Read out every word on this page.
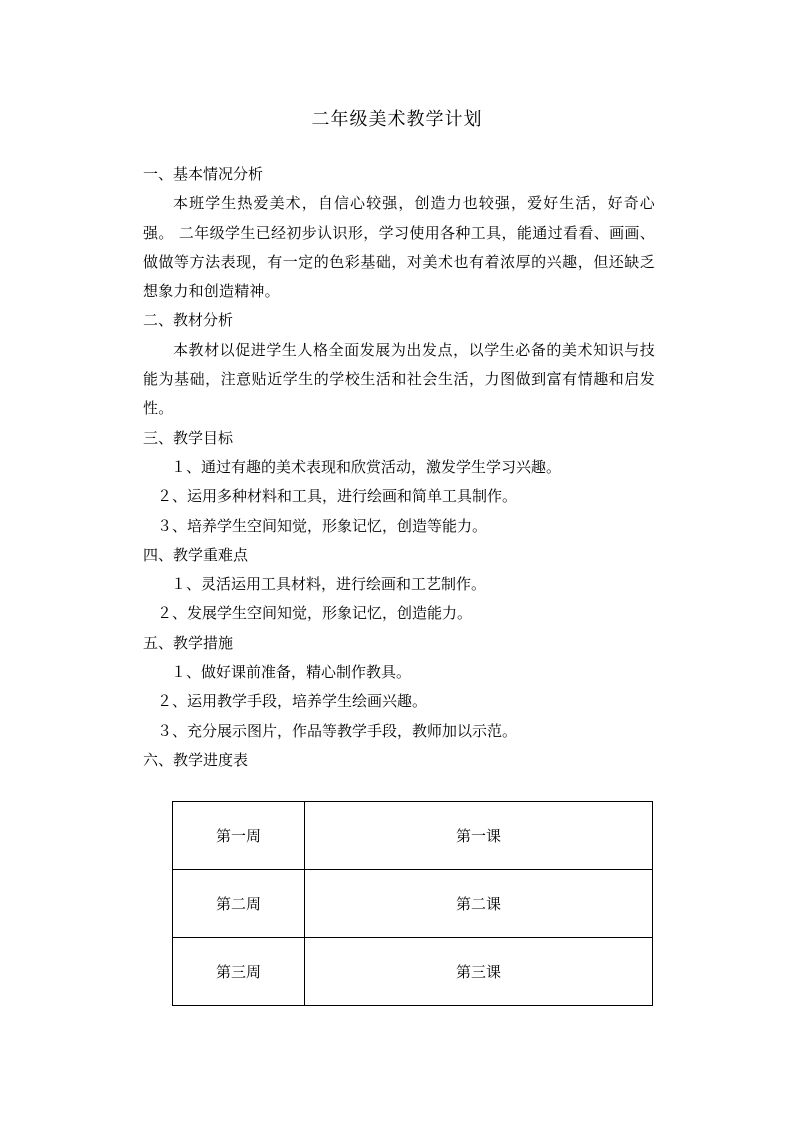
二年级美术教学计划
一、基本情况分析
本班学生热爱美术，自信心较强，创造力也较强，爱好生活，好奇心强。 二年级学生已经初步认识形，学习使用各种工具，能通过看看、画画、做做等方法表现，有一定的色彩基础，对美术也有着浓厚的兴趣，但还缺乏想象力和创造精神。
二、教材分析
本教材以促进学生人格全面发展为出发点，以学生必备的美术知识与技能为基础，注意贴近学生的学校生活和社会生活，力图做到富有情趣和启发性。
三、教学目标
１、通过有趣的美术表现和欣赏活动，激发学生学习兴趣。
２、运用多种材料和工具，进行绘画和简单工具制作。
３、培养学生空间知觉，形象记忆，创造等能力。
四、教学重难点
１、灵活运用工具材料，进行绘画和工艺制作。
２、发展学生空间知觉，形象记忆，创造能力。
五、教学措施
１、做好课前准备，精心制作教具。
２、运用教学手段，培养学生绘画兴趣。
３、充分展示图片，作品等教学手段，教师加以示范。
六、教学进度表
第一周	第一课
第二周	第二课
第三周	第三课
